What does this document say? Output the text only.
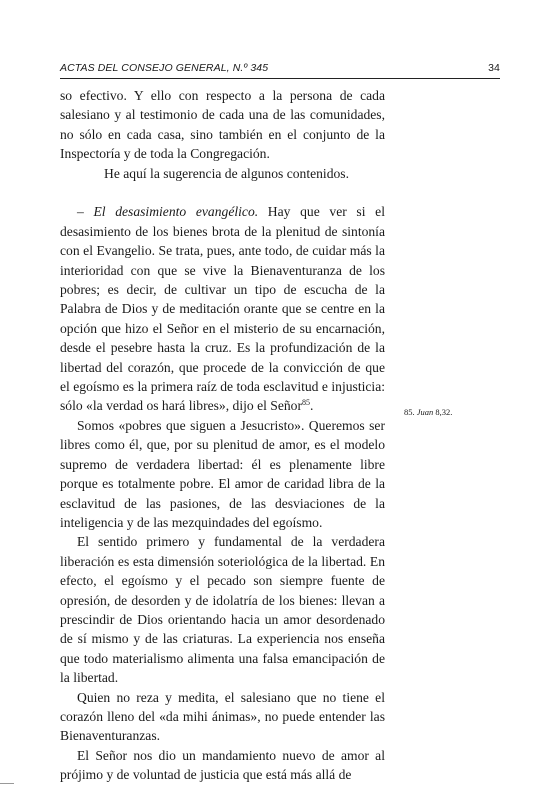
ACTAS DEL CONSEJO GENERAL, N.º 345	34

so efectivo. Y ello con respecto a la persona de cada salesiano y al testimonio de cada una de las comunidades, no sólo en cada casa, sino también en el conjunto de la Inspectoría y de toda la Congregación.

He aquí la sugerencia de algunos contenidos.

– El desasimiento evangélico. Hay que ver si el desasimiento de los bienes brota de la plenitud de sintonía con el Evangelio. Se trata, pues, ante todo, de cuidar más la interioridad con que se vive la Bienaventuranza de los pobres; es decir, de cultivar un tipo de escucha de la Palabra de Dios y de meditación orante que se centre en la opción que hizo el Señor en el misterio de su encarnación, desde el pesebre hasta la cruz. Es la profundización de la libertad del corazón, que procede de la convicción de que el egoísmo es la primera raíz de toda esclavitud e injusticia: sólo «la verdad os hará libres», dijo el Señor$^{85}$.

Somos «pobres que siguen a Jesucristo». Queremos ser libres como él, que, por su plenitud de amor, es el modelo supremo de verdadera libertad: él es plenamente libre porque es totalmente pobre. El amor de caridad libra de la esclavitud de las pasiones, de las desviaciones de la inteligencia y de las mezquindades del egoísmo.

El sentido primero y fundamental de la verdadera liberación es esta dimensión soteriológica de la libertad. En efecto, el egoísmo y el pecado son siempre fuente de opresión, de desorden y de idolatría de los bienes: llevan a prescindir de Dios orientando hacia un amor desordenado de sí mismo y de las criaturas. La experiencia nos enseña que todo materialismo alimenta una falsa emancipación de la libertad.

Quien no reza y medita, el salesiano que no tiene el corazón lleno del «da mihi ánimas», no puede entender las Bienaventuranzas.

El Señor nos dio un mandamiento nuevo de amor al prójimo y de voluntad de justicia que está más allá de

85. Juan 8,32.
